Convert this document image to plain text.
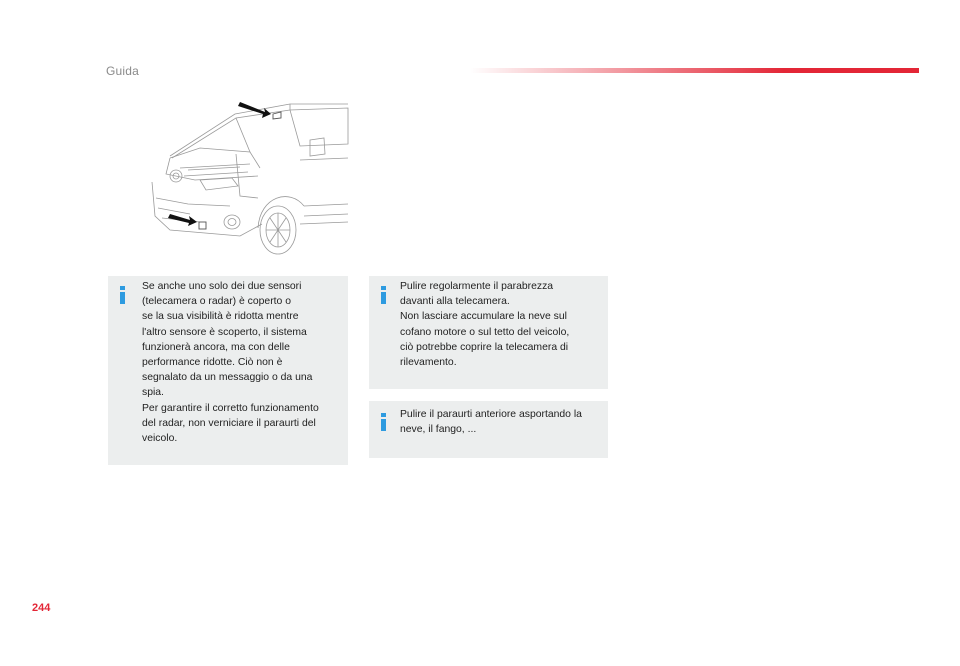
Guida
Se anche uno solo dei due sensori
(telecamera o radar) è coperto o
se la sua visibilità è ridotta mentre
l'altro sensore è scoperto, il sistema
funzionerà ancora, ma con delle
performance ridotte. Ciò non è
segnalato da un messaggio o da una
spia.
Per garantire il corretto funzionamento
del radar, non verniciare il paraurti del
veicolo.
Pulire regolarmente il parabrezza
davanti alla telecamera.
Non lasciare accumulare la neve sul
cofano motore o sul tetto del veicolo,
ciò potrebbe coprire la telecamera di
rilevamento.
Pulire il paraurti anteriore asportando la
neve, il fango, ...
244
